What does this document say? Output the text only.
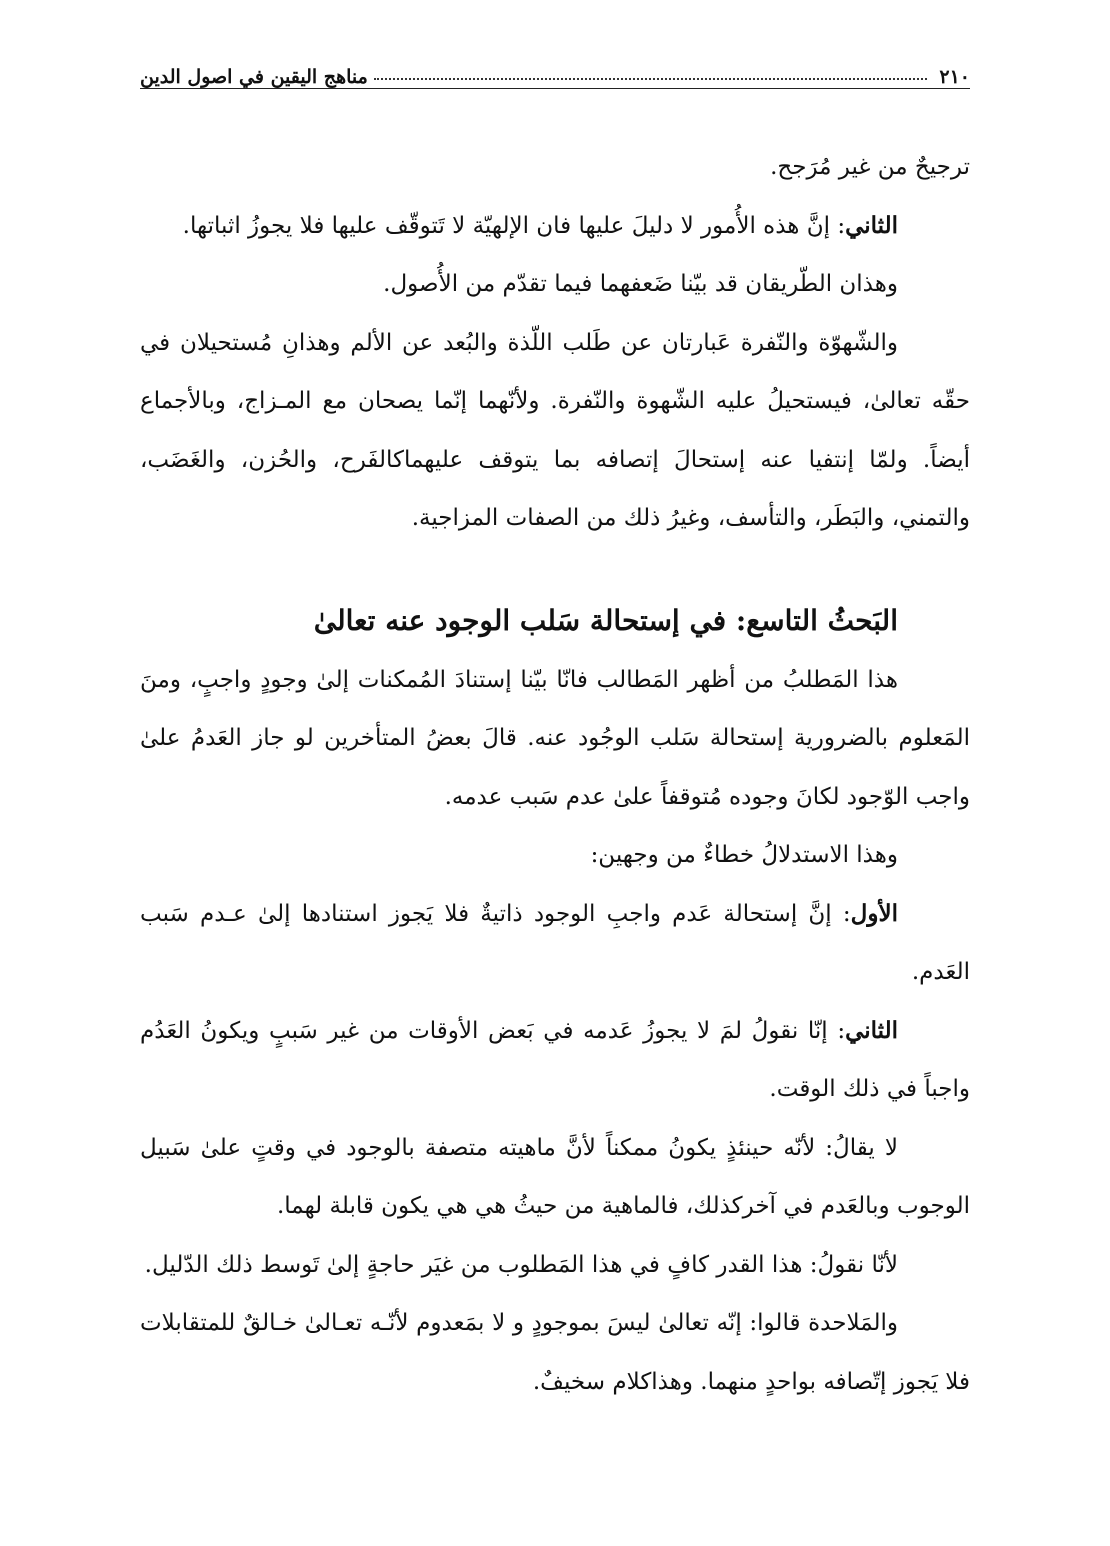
٢١٠
مناهج اليقين في اصول الدين

ترجيحٌ من غير مُرَجح.

الثاني: إنَّ هذه الأُمور لا دليلَ عليها فان الإلهيّة لا تَتوقّف عليها فلا يجوزُ اثباتها.

وهذان الطّريقان قد بيّنا ضَعفهما فيما تقدّم من الأُصول.

والشّهوّة والنّفرة عَبارتان عن طَلب اللّذة والبُعد عن الألم وهذانِ مُستحيلان في حقّه تعالىٰ، فيستحيلُ عليه الشّهوة والنّفرة. ولأنّهما إنّما يصحان مع المـزاج، وبالأجماع أيضاً. ولمّا إنتفيا عنه إستحالَ إتصافه بما يتوقف عليهماكالفَرح، والحُزن، والغَضَب، والتمني، والبَطَر، والتأسف، وغيرُ ذلك من الصفات المزاجية.

البَحثُ التاسع: في إستحالة سَلب الوجود عنه تعالىٰ

هذا المَطلبُ من أظهر المَطالب فانّا بيّنا إستنادَ المُمكنات إلىٰ وجودٍ واجبٍ، ومنَ المَعلوم بالضرورية إستحالة سَلب الوجُود عنه. قالَ بعضُ المتأخرين لو جاز العَدمُ علىٰ واجب الوّجود لكانَ وجوده مُتوقفاً علىٰ عدم سَبب عدمه.

وهذا الاستدلالُ خطاءٌ من وجهين:

الأول: إنَّ إستحالة عَدم واجبِ الوجود ذاتيةٌ فلا يَجوز استنادها إلىٰ عـدم سَبب العَدم.

الثاني: إنّا نقولُ لمَ لا يجوزُ عَدمه في بَعض الأوقات من غير سَببٍ ويكونُ العَدُم واجباً في ذلك الوقت.

لا يقالُ: لأنّه حينئذٍ يكونُ ممكناً لأنَّ ماهيته متصفة بالوجود في وقتٍ علىٰ سَبيل الوجوب وبالعَدم في آخركذلك، فالماهية من حيثُ هي هي يكون قابلة لهما.

لأنّا نقولُ: هذا القدر كافٍ في هذا المَطلوب من غيَر حاجةٍ إلىٰ تَوسط ذلك الدّليل.

والمَلاحدة قالوا: إنّه تعالىٰ ليسَ بموجودٍ و لا بمَعدوم لأنّـه تعـالىٰ خـالقٌ للمتقابلات فلا يَجوز إتّصافه بواحدٍ منهما. وهذاكلام سخيفٌ.
